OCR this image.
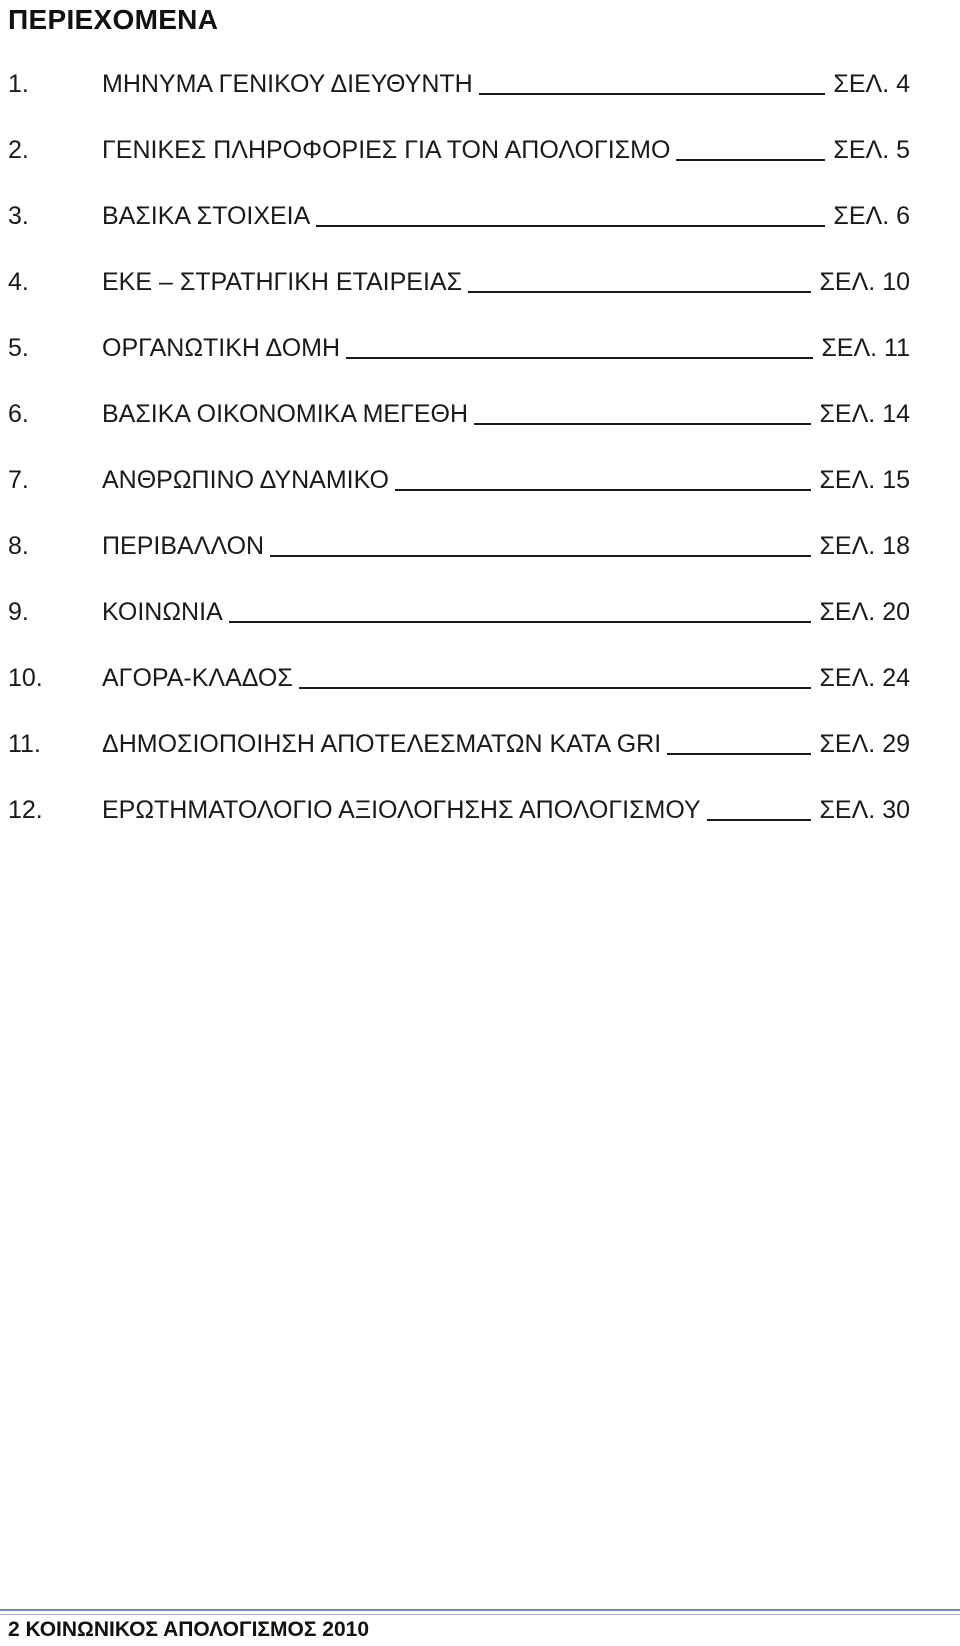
ΠΕΡΙΕΧΟΜΕΝΑ
1.	ΜΗΝΥΜΑ ΓΕΝΙΚΟΥ ΔΙΕΥΘΥΝΤΗ	ΣΕΛ. 4
2.	ΓΕΝΙΚΕΣ ΠΛΗΡΟΦΟΡΙΕΣ ΓΙΑ ΤΟΝ ΑΠΟΛΟΓΙΣΜΟ	ΣΕΛ. 5
3.	ΒΑΣΙΚΑ ΣΤΟΙΧΕΙΑ	ΣΕΛ. 6
4.	ΕΚΕ – ΣΤΡΑΤΗΓΙΚΗ ΕΤΑΙΡΕΙΑΣ	ΣΕΛ. 10
5.	ΟΡΓΑΝΩΤΙΚΗ ΔΟΜΗ	ΣΕΛ. 11
6.	ΒΑΣΙΚΑ ΟΙΚΟΝΟΜΙΚΑ ΜΕΓΕΘΗ	ΣΕΛ. 14
7.	ΑΝΘΡΩΠΙΝΟ ΔΥΝΑΜΙΚΟ	ΣΕΛ. 15
8.	ΠΕΡΙΒΑΛΛΟΝ	ΣΕΛ. 18
9.	ΚΟΙΝΩΝΙΑ	ΣΕΛ. 20
10.	ΑΓΟΡΑ-ΚΛΑΔΟΣ	ΣΕΛ. 24
11.	ΔΗΜΟΣΙΟΠΟΙΗΣΗ ΑΠΟΤΕΛΕΣΜΑΤΩΝ ΚΑΤΑ GRI	ΣΕΛ. 29
12.	ΕΡΩΤΗΜΑΤΟΛΟΓΙΟ ΑΞΙΟΛΟΓΗΣΗΣ ΑΠΟΛΟΓΙΣΜΟΥ	ΣΕΛ. 30
2 ΚΟΙΝΩΝΙΚΟΣ ΑΠΟΛΟΓΙΣΜΟΣ 2010
